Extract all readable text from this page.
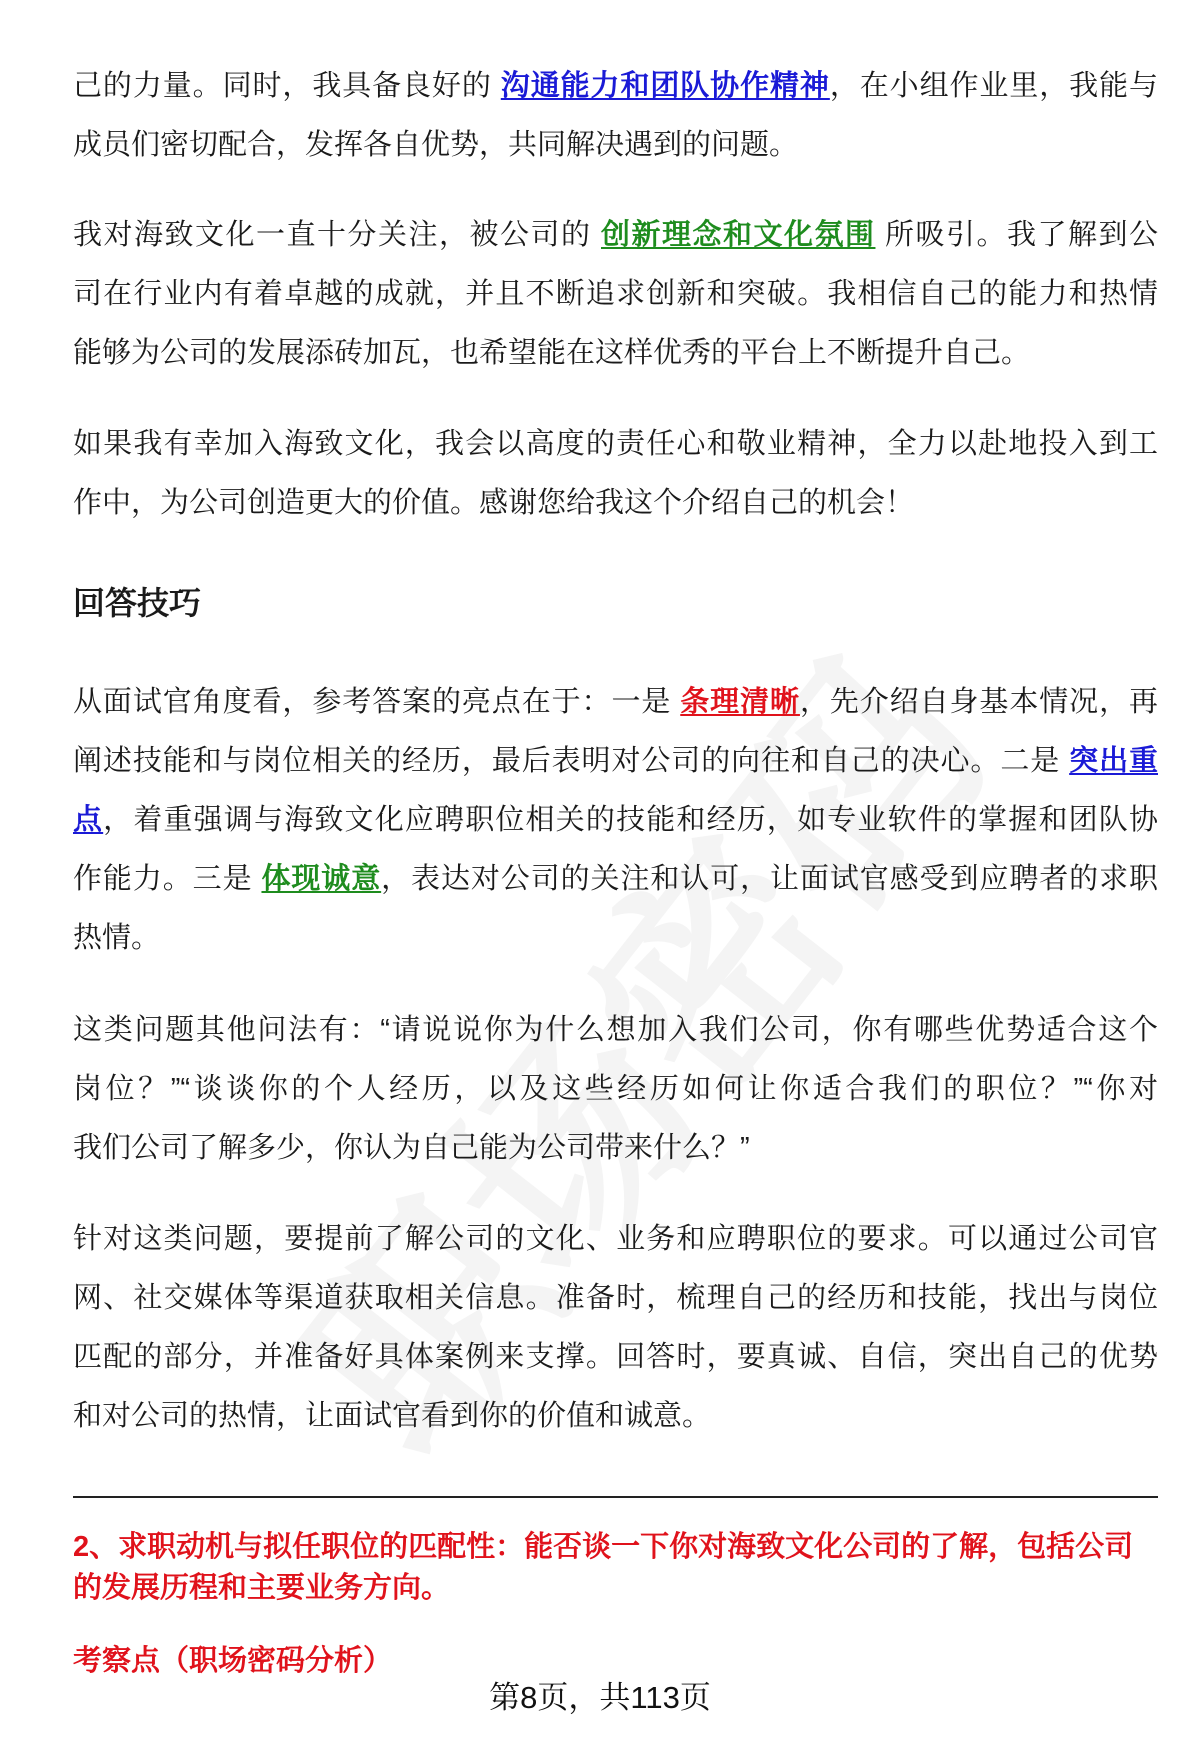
己的力量。同时，我具备良好的 沟通能力和团队协作精神，在小组作业里，我能与
成员们密切配合，发挥各自优势，共同解决遇到的问题。
我对海致文化一直十分关注，被公司的 创新理念和文化氛围 所吸引。我了解到公
司在行业内有着卓越的成就，并且不断追求创新和突破。我相信自己的能力和热情
能够为公司的发展添砖加瓦，也希望能在这样优秀的平台上不断提升自己。
如果我有幸加入海致文化，我会以高度的责任心和敬业精神，全力以赴地投入到工
作中，为公司创造更大的价值。感谢您给我这个介绍自己的机会！
回答技巧
从面试官角度看，参考答案的亮点在于：一是 条理清晰，先介绍自身基本情况，再
阐述技能和与岗位相关的经历，最后表明对公司的向往和自己的决心。二是 突出重
点，着重强调与海致文化应聘职位相关的技能和经历，如专业软件的掌握和团队协
作能力。三是 体现诚意，表达对公司的关注和认可，让面试官感受到应聘者的求职
热情。
这类问题其他问法有：“请说说你为什么想加入我们公司，你有哪些优势适合这个
岗位？”“谈谈你的个人经历，以及这些经历如何让你适合我们的职位？”“你对
我们公司了解多少，你认为自己能为公司带来什么？”
针对这类问题，要提前了解公司的文化、业务和应聘职位的要求。可以通过公司官
网、社交媒体等渠道获取相关信息。准备时，梳理自己的经历和技能，找出与岗位
匹配的部分，并准备好具体案例来支撑。回答时，要真诚、自信，突出自己的优势
和对公司的热情，让面试官看到你的价值和诚意。
2、求职动机与拟任职位的匹配性：能否谈一下你对海致文化公司的了解，包括公司的发展历程和主要业务方向。
考察点（职场密码分析）
第8页，共113页
